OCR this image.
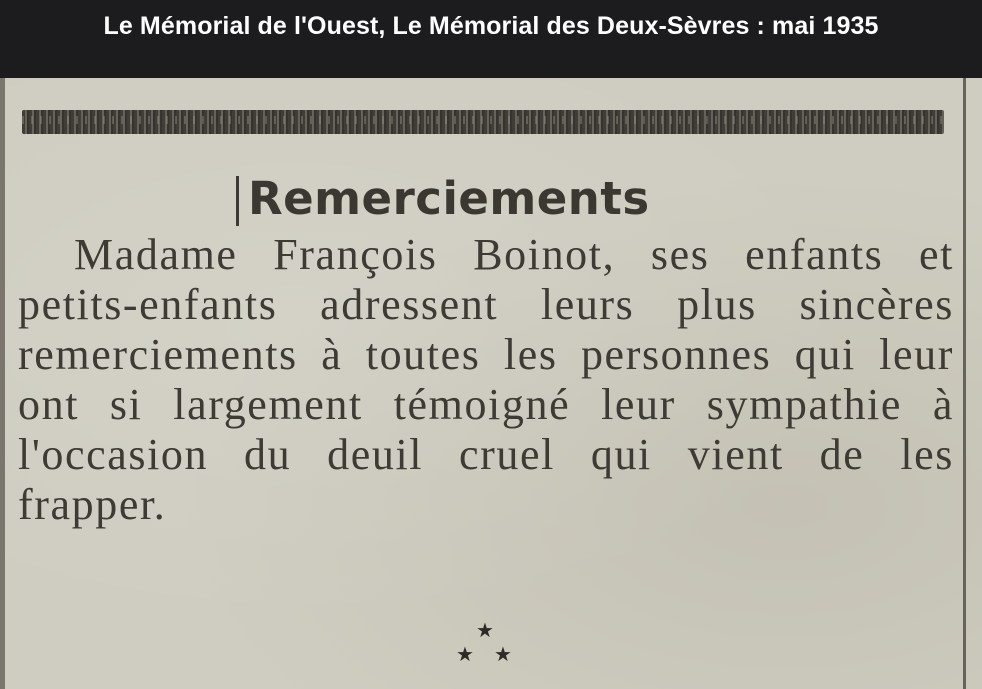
Le Mémorial de l'Ouest, Le Mémorial des Deux-Sèvres : mai 1935
Remerciements
Madame François Boinot, ses enfants et petits-enfants adressent leurs plus sincères remerciements à toutes les personnes qui leur ont si largement témoigné leur sympathie à l'occasion du deuil cruel qui vient de les frapper.
★
★ ★
